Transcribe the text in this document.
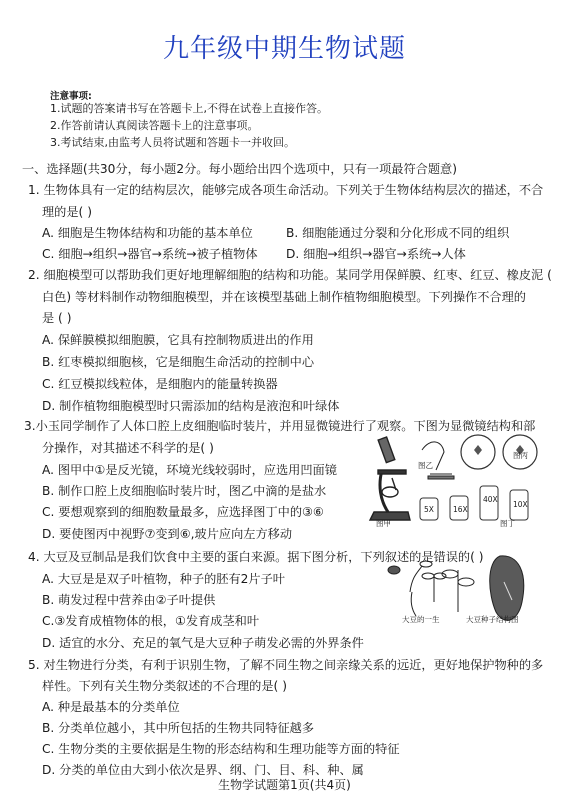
九年级中期生物试题
注意事项:
1.试题的答案请书写在答题卡上,不得在试卷上直接作答。
2.作答前请认真阅读答题卡上的注意事项。
3.考试结束,由监考人员将试题和答题卡一并收回。
一、选择题(共30分，每小题2分。每小题给出四个选项中，只有一项最符合题意)
1. 生物体具有一定的结构层次，能够完成各项生命活动。下列关于生物体结构层次的描述，不合
理的是( )
A. 细胞是生物体结构和功能的基本单位	B. 细胞能通过分裂和分化形成不同的组织
C. 细胞→组织→器官→系统→被子植物体 D. 细胞→组织→器官→系统→人体
2. 细胞模型可以帮助我们更好地理解细胞的结构和功能。某同学用保鲜膜、红枣、红豆、橡皮泥 (
白色) 等材料制作动物细胞模型，并在该模型基础上制作植物细胞模型。下列操作不合理的
是 ( )
A. 保鲜膜模拟细胞膜，它具有控制物质进出的作用
B. 红枣模拟细胞核，它是细胞生命活动的控制中心
C. 红豆模拟线粒体，是细胞内的能量转换器
D. 制作植物细胞模型时只需添加的结构是液泡和叶绿体
3.小玉同学制作了人体口腔上皮细胞临时装片，并用显微镜进行了观察。下图为显微镜结构和部
分操作，对其描述不科学的是( )
A. 图甲中①是反光镜，环境光线较弱时，应选用凹面镜
B. 制作口腔上皮细胞临时装片时，图乙中滴的是盐水
C. 要想观察到的细胞数量最多，应选择图丁中的③⑥
D. 要使图丙中视野⑦变到⑥,玻片应向左方移动
图乙
图丙
图丁
图甲
5X	16X
40X
10X
4. 大豆及豆制品是我们饮食中主要的蛋白来源。据下图分析，下列叙述的是错误的( )
A. 大豆是是双子叶植物，种子的胚有2片子叶
B. 萌发过程中营养由②子叶提供
C.③发育成植物体的根，①发育成茎和叶
D. 适宜的水分、充足的氧气是大豆种子萌发必需的外界条件
大豆的一生	大豆种子结构图
5. 对生物进行分类，有利于识别生物，了解不同生物之间亲缘关系的远近，更好地保护物种的多
样性。下列有关生物分类叙述的不合理的是( )
A. 种是最基本的分类单位
B. 分类单位越小，其中所包括的生物共同特征越多
C. 生物分类的主要依据是生物的形态结构和生理功能等方面的特征
D. 分类的单位由大到小依次是界、纲、门、目、科、种、属
生物学试题第1页(共4页)
